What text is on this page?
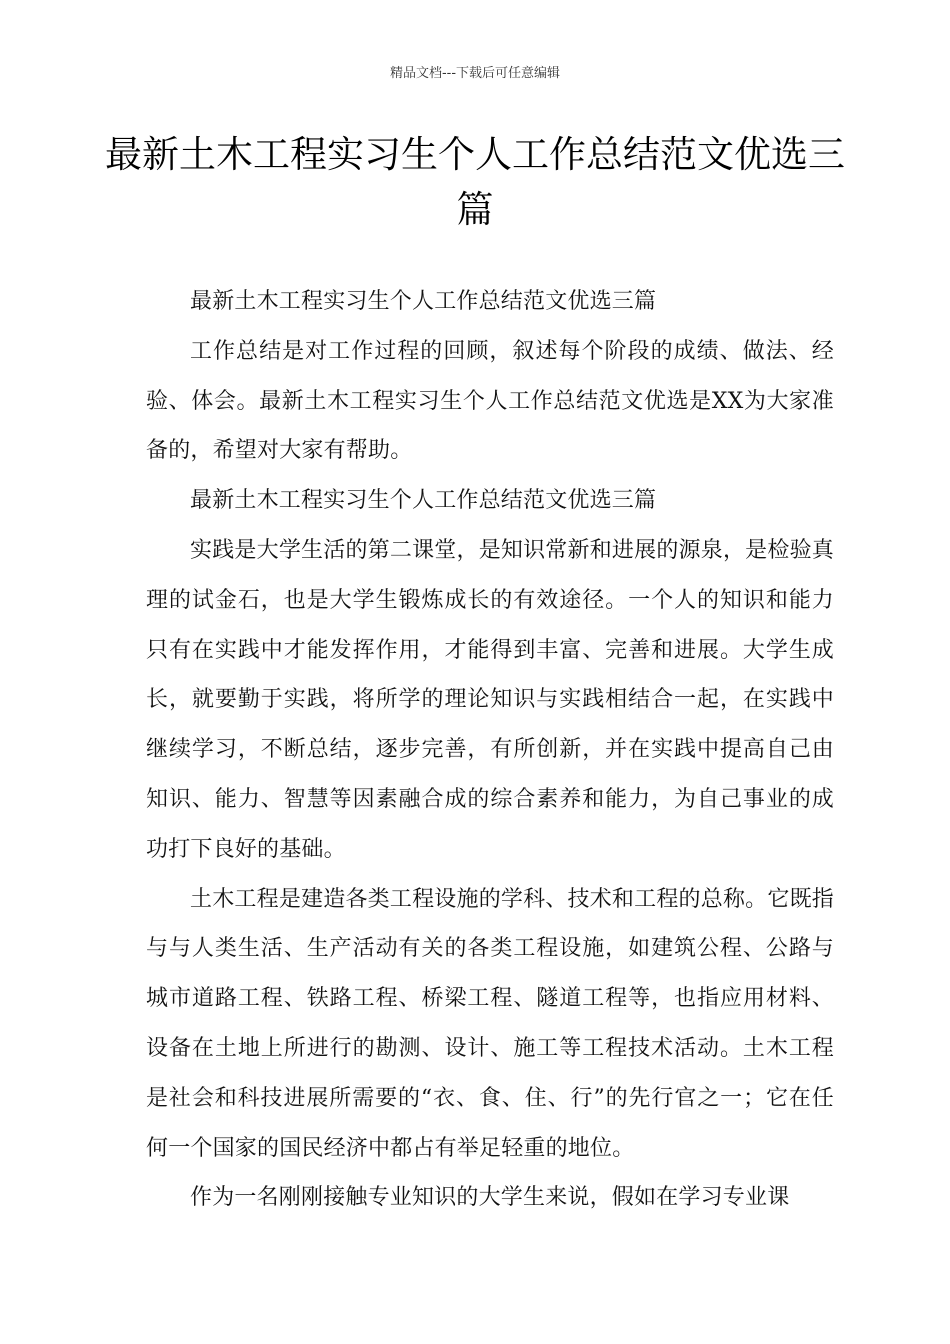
精品文档---下载后可任意编辑
最新土木工程实习生个人工作总结范文优选三篇

最新土木工程实习生个人工作总结范文优选三篇

工作总结是对工作过程的回顾，叙述每个阶段的成绩、做法、经验、体会。最新土木工程实习生个人工作总结范文优选是XX为大家准备的，希望对大家有帮助。

最新土木工程实习生个人工作总结范文优选三篇

实践是大学生活的第二课堂，是知识常新和进展的源泉，是检验真理的试金石，也是大学生锻炼成长的有效途径。一个人的知识和能力只有在实践中才能发挥作用，才能得到丰富、完善和进展。大学生成长，就要勤于实践，将所学的理论知识与实践相结合一起，在实践中继续学习，不断总结，逐步完善，有所创新，并在实践中提高自己由知识、能力、智慧等因素融合成的综合素养和能力，为自己事业的成功打下良好的基础。

土木工程是建造各类工程设施的学科、技术和工程的总称。它既指与与人类生活、生产活动有关的各类工程设施，如建筑公程、公路与城市道路工程、铁路工程、桥梁工程、隧道工程等，也指应用材料、设备在土地上所进行的勘测、设计、施工等工程技术活动。土木工程是社会和科技进展所需要的“衣、食、住、行”的先行官之一；它在任何一个国家的国民经济中都占有举足轻重的地位。

作为一名刚刚接触专业知识的大学生来说，假如在学习专业课
